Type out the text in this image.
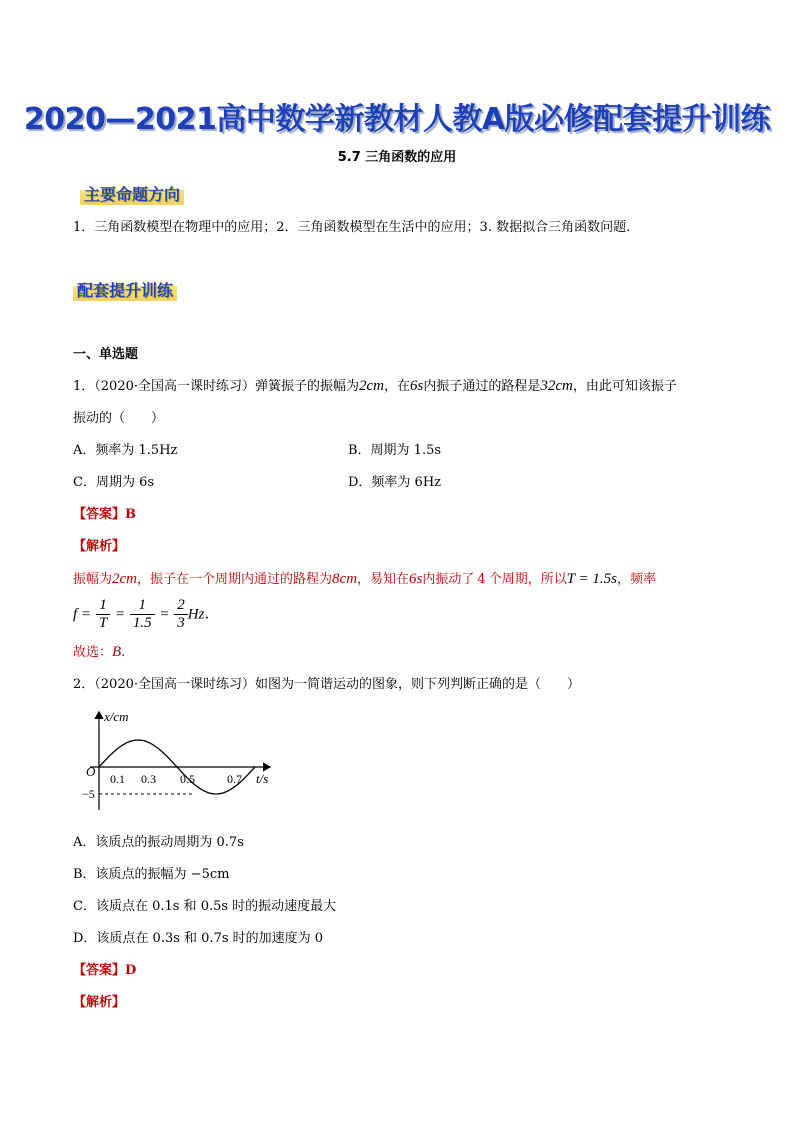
2020—2021高中数学新教材人教A版必修配套提升训练
5.7 三角函数的应用
主要命题方向
1．三角函数模型在物理中的应用；2．三角函数模型在生活中的应用；3. 数据拟合三角函数问题.
配套提升训练
一、单选题
1．（2020·全国高一课时练习）弹簧振子的振幅为2cm，在6s内振子通过的路程是32cm，由此可知该振子
振动的（　　）
A．频率为 1.5Hz	B．周期为 1.5s
C．周期为 6s	D．频率为 6Hz
【答案】B
【解析】
振幅为2cm，振子在一个周期内通过的路程为8cm，易知在6s内振动了 4 个周期，所以T = 1.5s，频率
$f = \frac{1}{T} = \frac{1}{1.5} = \frac{2}{3} Hz$.
故选：B.
2．（2020·全国高一课时练习）如图为一简谐运动的图象，则下列判断正确的是（　　）
x/cm
t/s
O 0.1 0.3 0.5	0.7
−5
A．该质点的振动周期为 0.7s
B．该质点的振幅为 −5cm
C．该质点在 0.1s 和 0.5s 时的振动速度最大
D．该质点在 0.3s 和 0.7s 时的加速度为 0
【答案】D
【解析】
